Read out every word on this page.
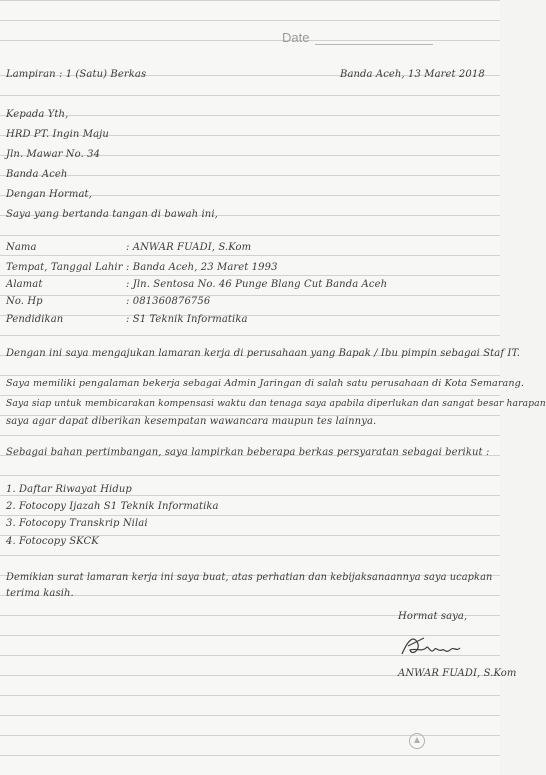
Date
Lampiran : 1 (Satu) Berkas	Banda Aceh, 13 Maret 2018
Kepada Yth,
HRD PT. Ingin Maju
Jln. Mawar No. 34
Banda Aceh
Dengan Hormat,
Saya yang bertanda tangan di bawah ini,
Nama	: ANWAR FUADI, S.Kom
Tempat, Tanggal Lahir : Banda Aceh, 23 Maret 1993
Alamat	: Jln. Sentosa No. 46 Punge Blang Cut Banda Aceh
No. Hp	: 081360876756
Pendidikan	: S1 Teknik Informatika
Dengan ini saya mengajukan lamaran kerja di perusahaan yang Bapak / Ibu pimpin sebagai Staf IT.
Saya memiliki pengalaman bekerja sebagai Admin Jaringan di salah satu perusahaan di Kota Semarang.
Saya siap untuk membicarakan kompensasi waktu dan tenaga saya apabila diperlukan dan sangat besar harapan
saya agar dapat diberikan kesempatan wawancara maupun tes lainnya.
Sebagai bahan pertimbangan, saya lampirkan beberapa berkas persyaratan sebagai berikut :
1. Daftar Riwayat Hidup
2. Fotocopy Ijazah S1 Teknik Informatika
3. Fotocopy Transkrip Nilai
4. Fotocopy SKCK
Demikian surat lamaran kerja ini saya buat, atas perhatian dan kebijaksanaannya saya ucapkan
terima kasih.
Hormat saya,
ANWAR FUADI, S.Kom
